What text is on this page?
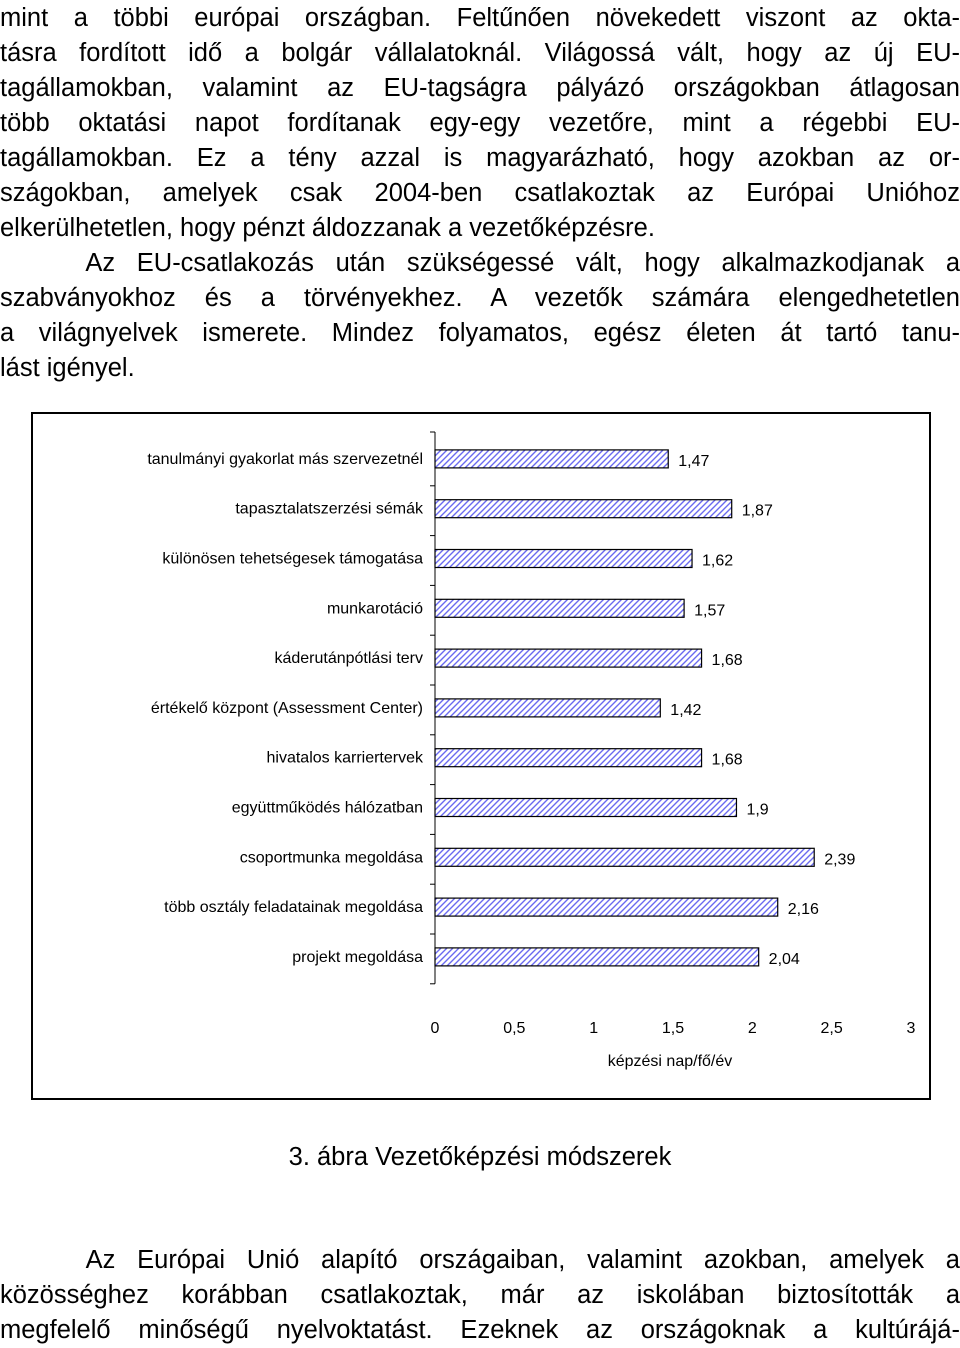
mint a többi európai országban. Feltűnően növekedett viszont az okta-
tásra fordított idő a bolgár vállalatoknál. Világossá vált, hogy az új EU-
tagállamokban, valamint az EU-tagságra pályázó országokban átlagosan
több oktatási napot fordítanak egy-egy vezetőre, mint a régebbi EU-
tagállamokban. Ez a tény azzal is magyarázható, hogy azokban az or-
szágokban, amelyek csak 2004-ben csatlakoztak az Európai Unióhoz
elkerülhetetlen, hogy pénzt áldozzanak a vezetőképzésre.
Az EU-csatlakozás után szükségessé vált, hogy alkalmazkodjanak a
szabványokhoz és a törvényekhez. A vezetők számára elengedhetetlen
a világnyelvek ismerete. Mindez folyamatos, egész életen át tartó tanu-
lást igényel.
tanulmányi gyakorlat más szervezetnél	1,47
tapasztalatszerzési sémák	1,87
különösen tehetségesek támogatása	1,62
munkarotáció	1,57
káderutánpótlási terv	1,68
értékelő központ (Assessment Center)	1,42
hivatalos karriertervek	1,68
együttműködés hálózatban	1,9
csoportmunka megoldása	2,39
több osztály feladatainak megoldása	2,16
projekt megoldása	2,04
0	0,5	1	1,5	2	2,5	3
képzési nap/fő/év
3. ábra Vezetőképzési módszerek
Az Európai Unió alapító országaiban, valamint azokban, amelyek a
közösséghez korábban csatlakoztak, már az iskolában biztosították a
megfelelő minőségű nyelvoktatást. Ezeknek az országoknak a kultúrájá-
